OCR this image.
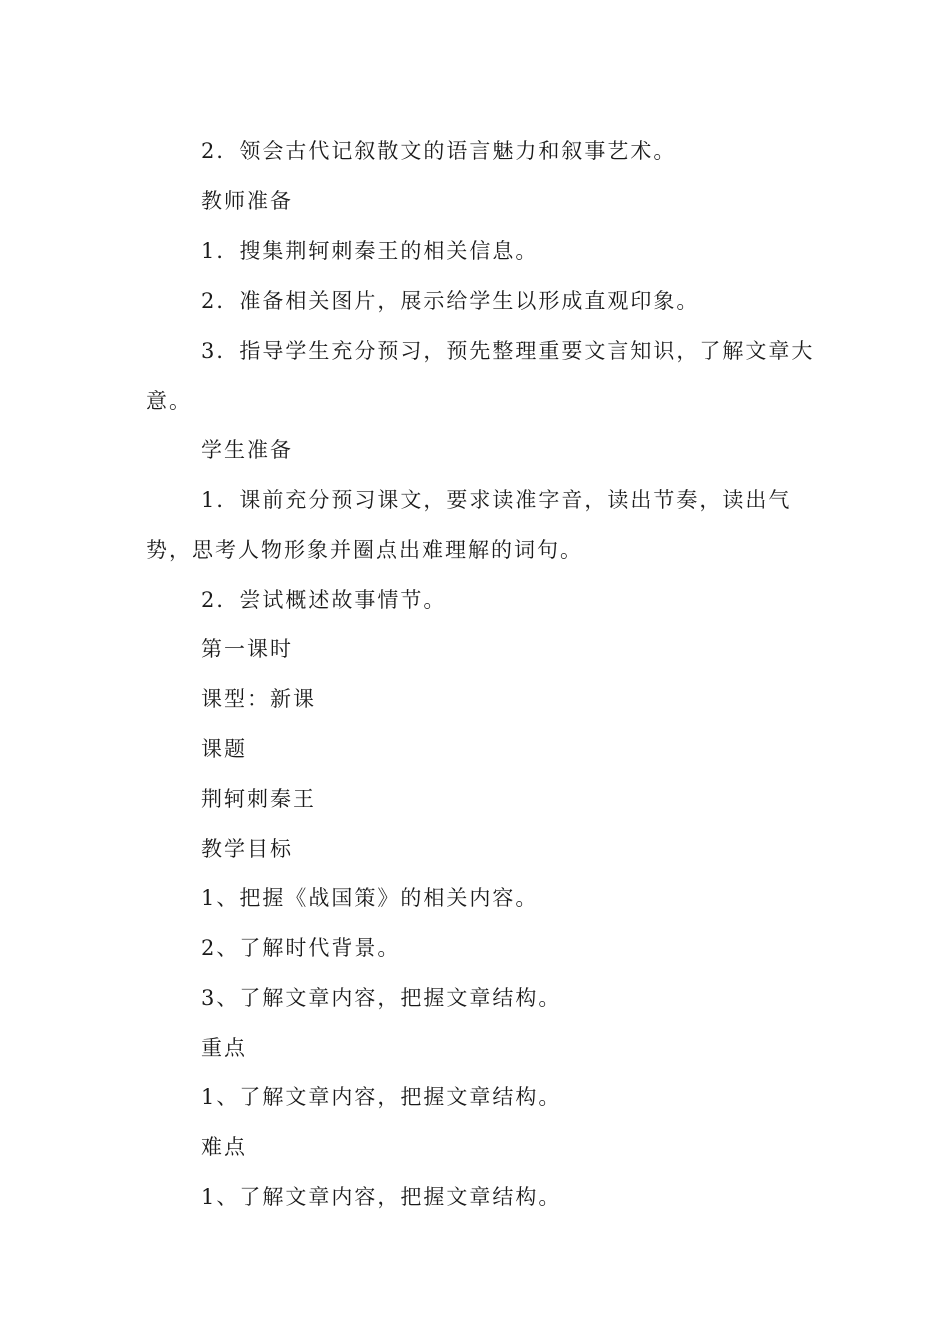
2．领会古代记叙散文的语言魅力和叙事艺术。
教师准备
1．搜集荆轲刺秦王的相关信息。
2．准备相关图片，展示给学生以形成直观印象。
3．指导学生充分预习，预先整理重要文言知识，了解文章大
意。
学生准备
1．课前充分预习课文，要求读准字音，读出节奏，读出气
势，思考人物形象并圈点出难理解的词句。
2．尝试概述故事情节。
第一课时
课型：新课
课题
荆轲刺秦王
教学目标
1、把握《战国策》的相关内容。
2、了解时代背景。
3、了解文章内容，把握文章结构。
重点
1、了解文章内容，把握文章结构。
难点
1、了解文章内容，把握文章结构。
